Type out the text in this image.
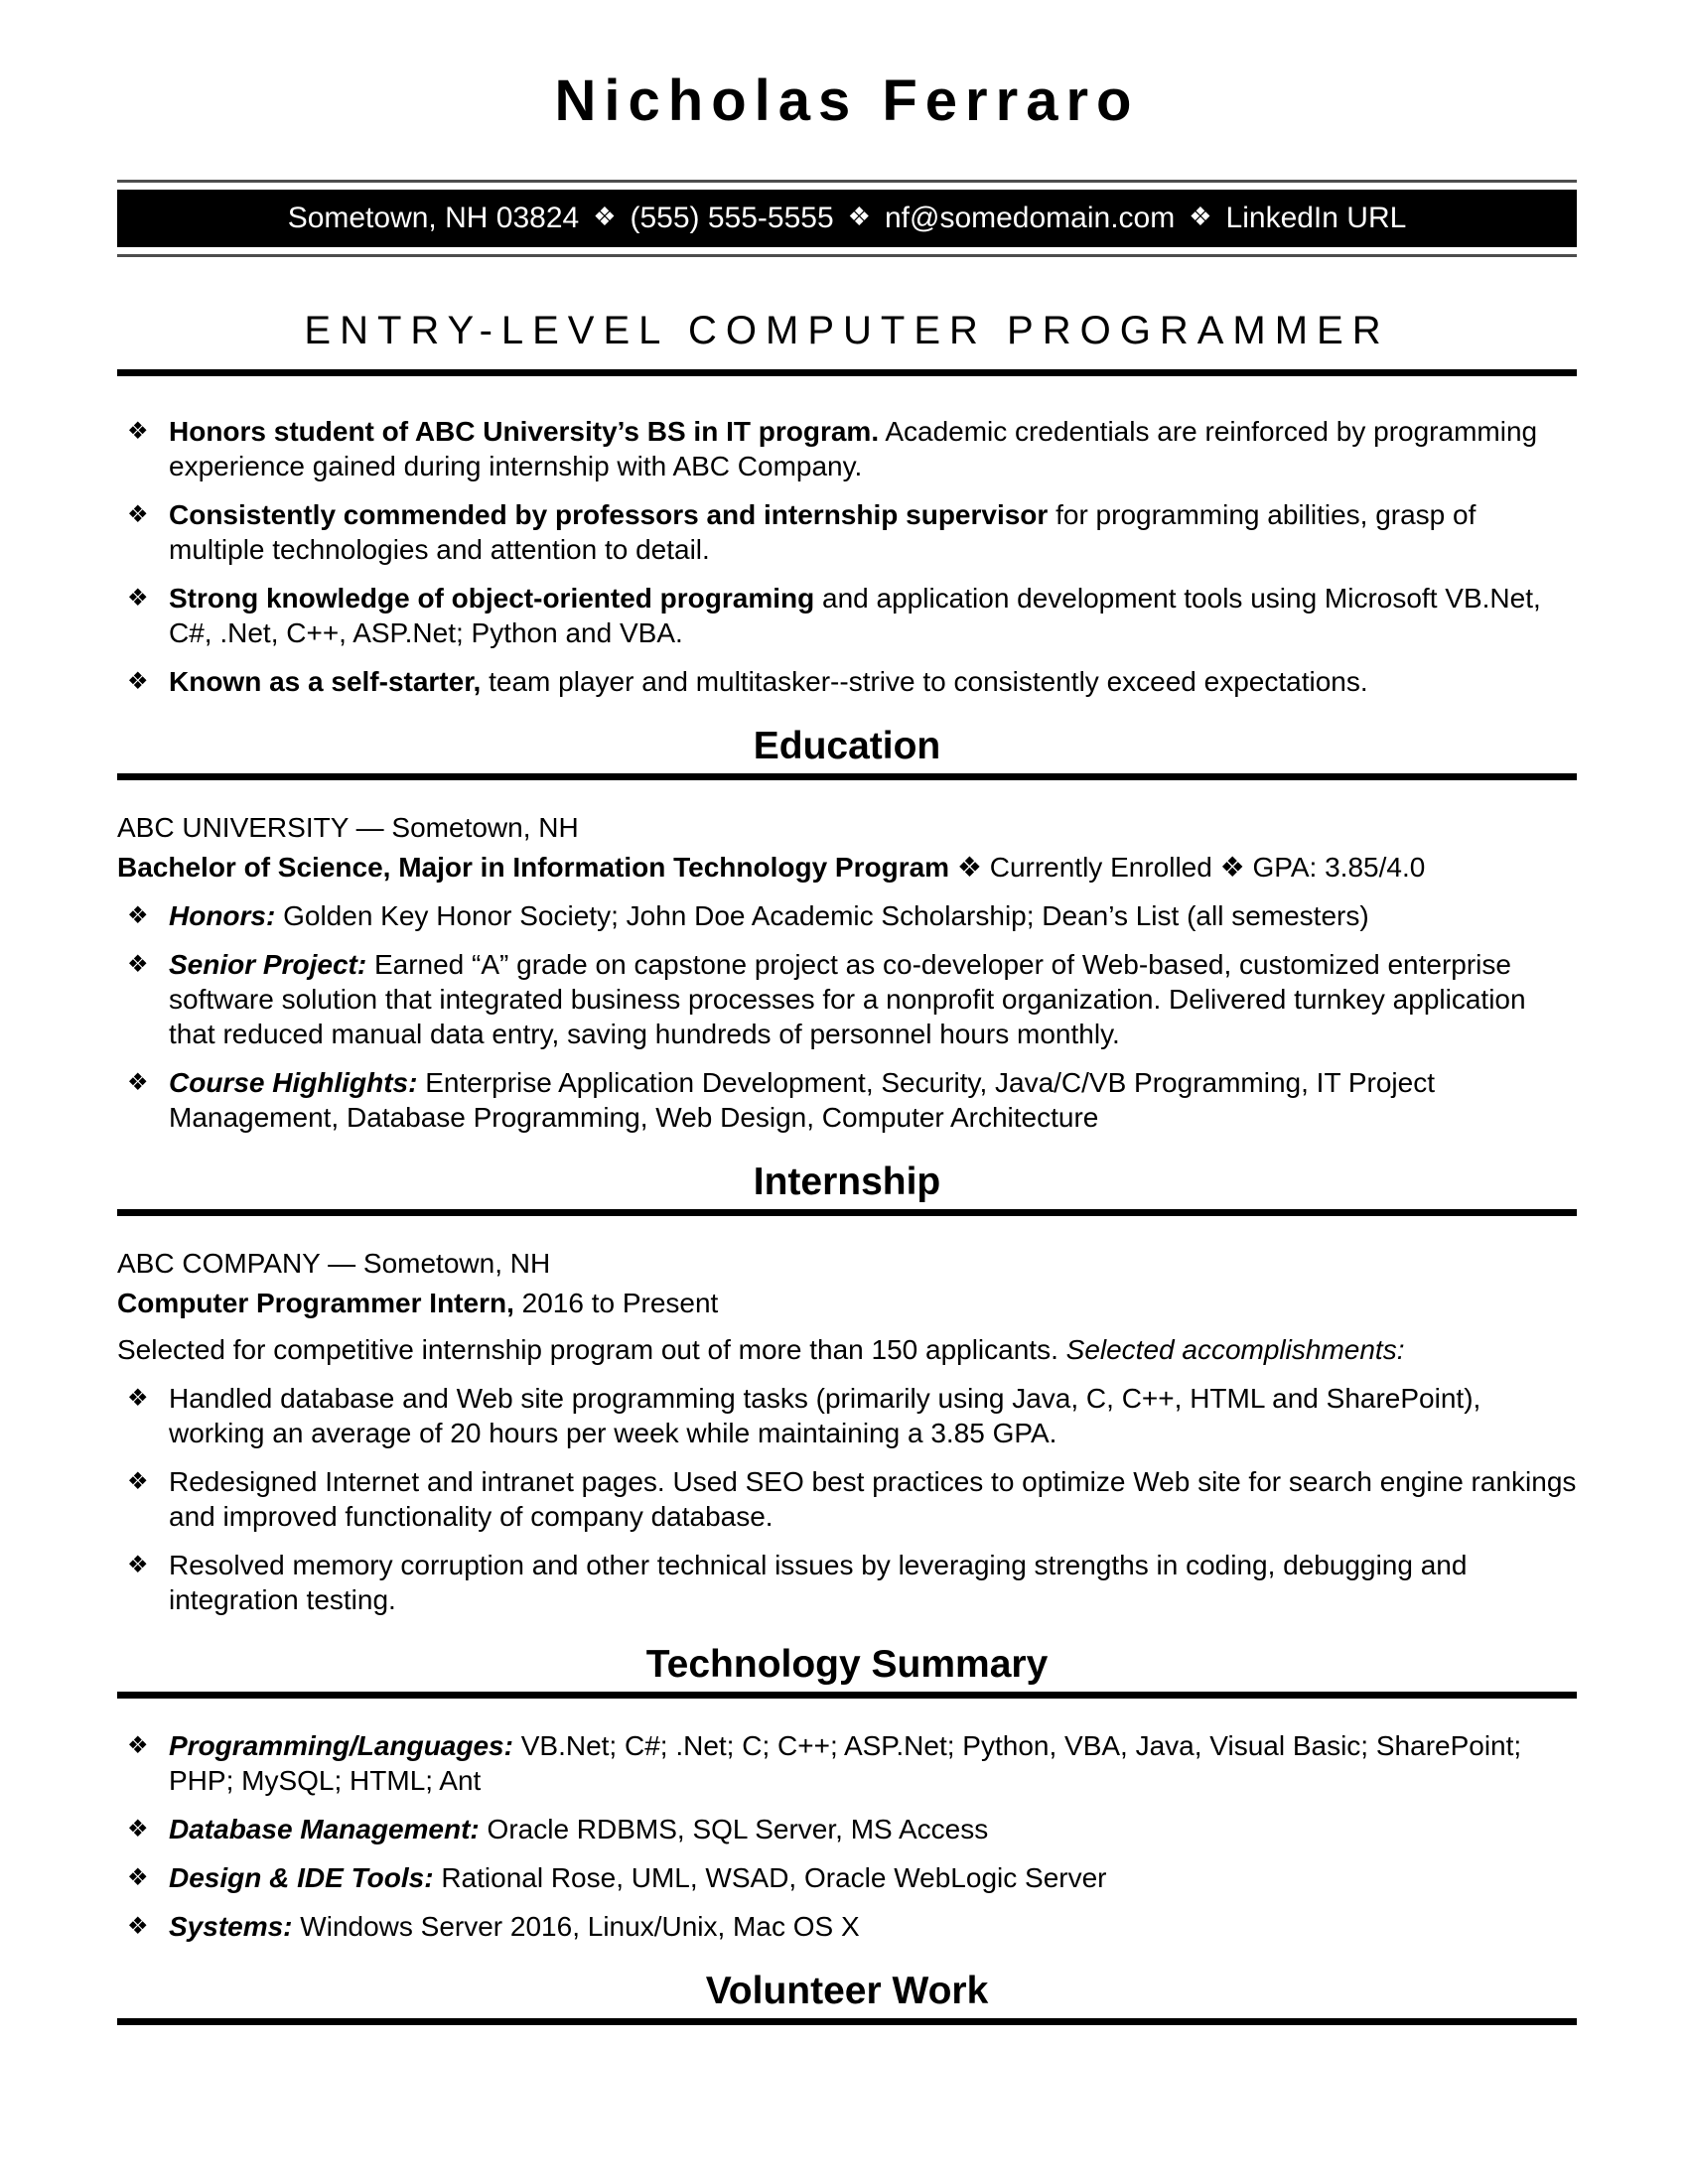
Nicholas Ferraro
Sometown, NH 03824 ❖ (555) 555-5555 ❖ nf@somedomain.com ❖ LinkedIn URL
ENTRY-LEVEL COMPUTER PROGRAMMER
❖ Honors student of ABC University’s BS in IT program. Academic credentials are reinforced by programming experience gained during internship with ABC Company.

❖ Consistently commended by professors and internship supervisor for programming abilities, grasp of multiple technologies and attention to detail.

❖ Strong knowledge of object-oriented programing and application development tools using Microsoft VB.Net, C#, .Net, C++, ASP.Net; Python and VBA.

❖ Known as a self-starter, team player and multitasker--strive to consistently exceed expectations.

Education

ABC UNIVERSITY — Sometown, NH

Bachelor of Science, Major in Information Technology Program ❖ Currently Enrolled ❖ GPA: 3.85/4.0

❖ Honors: Golden Key Honor Society; John Doe Academic Scholarship; Dean’s List (all semesters)

❖ Senior Project: Earned “A” grade on capstone project as co-developer of Web-based, customized enterprise software solution that integrated business processes for a nonprofit organization. Delivered turnkey application that reduced manual data entry, saving hundreds of personnel hours monthly.

❖ Course Highlights: Enterprise Application Development, Security, Java/C/VB Programming, IT Project Management, Database Programming, Web Design, Computer Architecture

Internship

ABC COMPANY — Sometown, NH

Computer Programmer Intern, 2016 to Present

Selected for competitive internship program out of more than 150 applicants. Selected accomplishments:

❖ Handled database and Web site programming tasks (primarily using Java, C, C++, HTML and SharePoint), working an average of 20 hours per week while maintaining a 3.85 GPA.

❖ Redesigned Internet and intranet pages. Used SEO best practices to optimize Web site for search engine rankings and improved functionality of company database.

❖ Resolved memory corruption and other technical issues by leveraging strengths in coding, debugging and integration testing.

Technology Summary
❖ Programming/Languages: VB.Net; C#; .Net; C; C++; ASP.Net; Python, VBA, Java, Visual Basic; SharePoint; PHP; MySQL; HTML; Ant

❖ Database Management: Oracle RDBMS, SQL Server, MS Access

❖ Design & IDE Tools: Rational Rose, UML, WSAD, Oracle WebLogic Server

❖ Systems: Windows Server 2016, Linux/Unix, Mac OS X

Volunteer Work
